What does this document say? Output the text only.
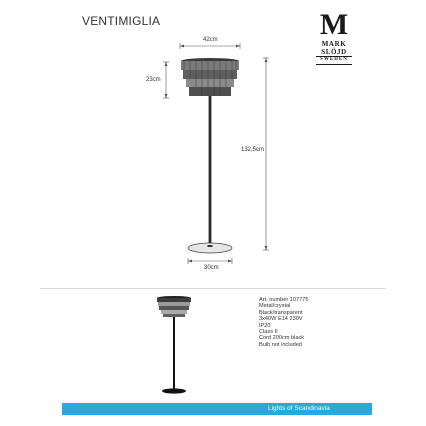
VENTIMIGLIA	M
MARK
SLÖJD
SWEDEN
42cm
23cm
132,5cm
30cm
Art. number 107775
Metal/crystal
Black/transparent
3x40W E14 230V
IP20
Class II
Cord 200cm black
Bulb not included
Lights of Scandinavia
